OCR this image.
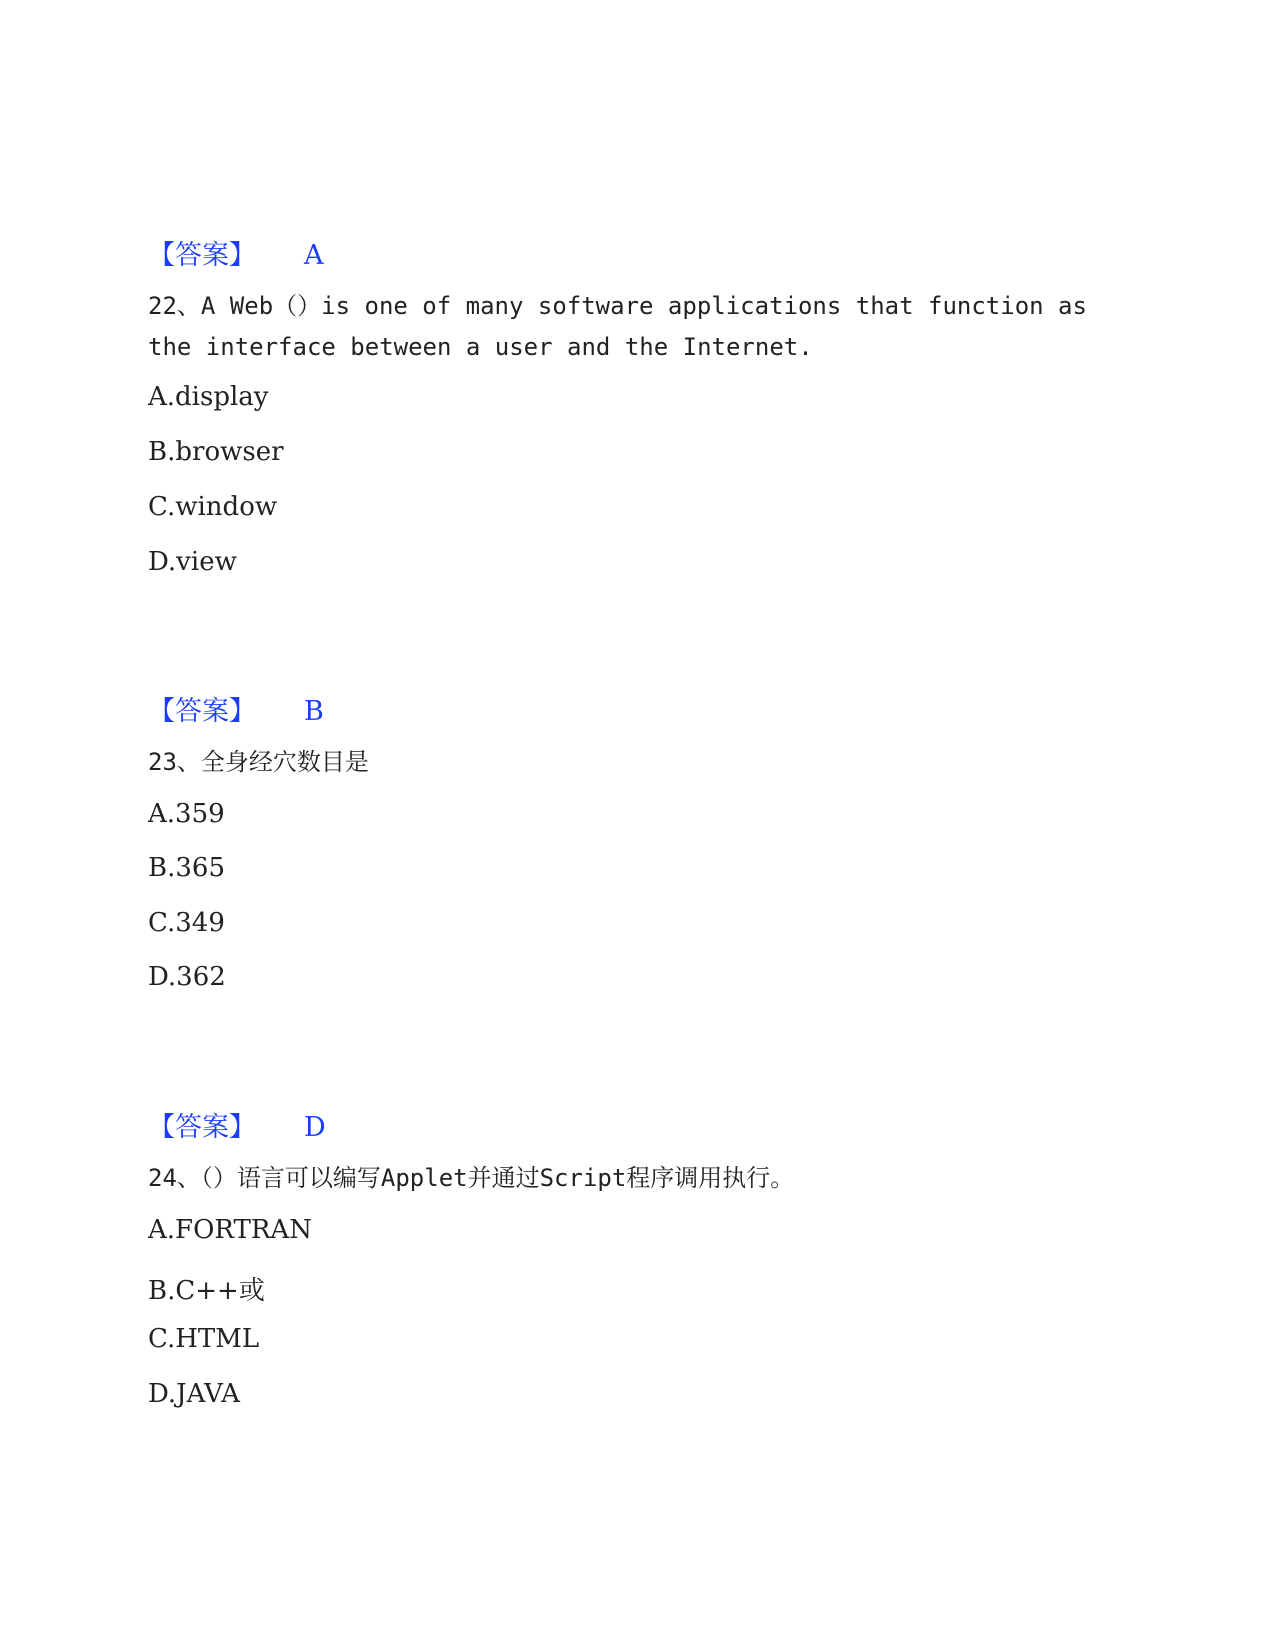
【答案】 A
22、A Web（）is one of many software applications that function as the interface between a user and the Internet.
A.display
B.browser
C.window
D.view
【答案】 B
23、全身经穴数目是
A.359
B.365
C.349
D.362
【答案】 D
24、（）语言可以编写Applet并通过Script程序调用执行。
A.FORTRAN
B.C++或
C.HTML
D.JAVA
